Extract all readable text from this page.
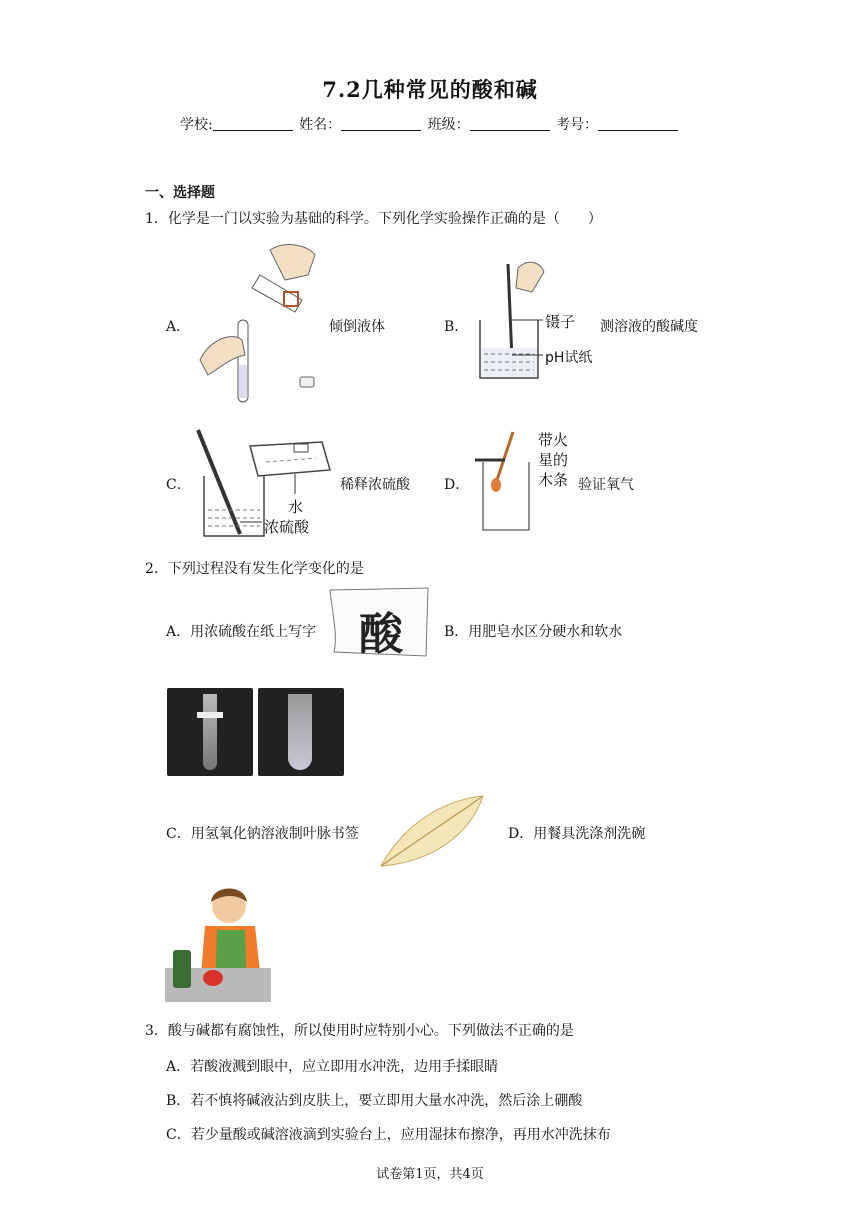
7.2几种常见的酸和碱
学校:	姓名：	班级：	考号：
一、选择题
1．化学是一门以实验为基础的科学。下列化学实验操作正确的是（　　）
A．	倾倒液体	B．	镊子
pH试纸
测溶液的酸碱度
C．
水
浓硫酸
稀释浓硫酸 D．
带火
星的
木条 验证氧气
2．下列过程没有发生化学变化的是
A．用浓硫酸在纸上写字 酸	B．用肥皂水区分硬水和软水
C．用氢氧化钠溶液制叶脉书签	D．用餐具洗涤剂洗碗
3．酸与碱都有腐蚀性，所以使用时应特别小心。下列做法不正确的是
A．若酸液溅到眼中，应立即用水冲洗，边用手揉眼睛
B．若不慎将碱液沾到皮肤上，要立即用大量水冲洗，然后涂上硼酸
C．若少量酸或碱溶液滴到实验台上，应用湿抹布擦净，再用水冲洗抹布
试卷第1页，共4页
